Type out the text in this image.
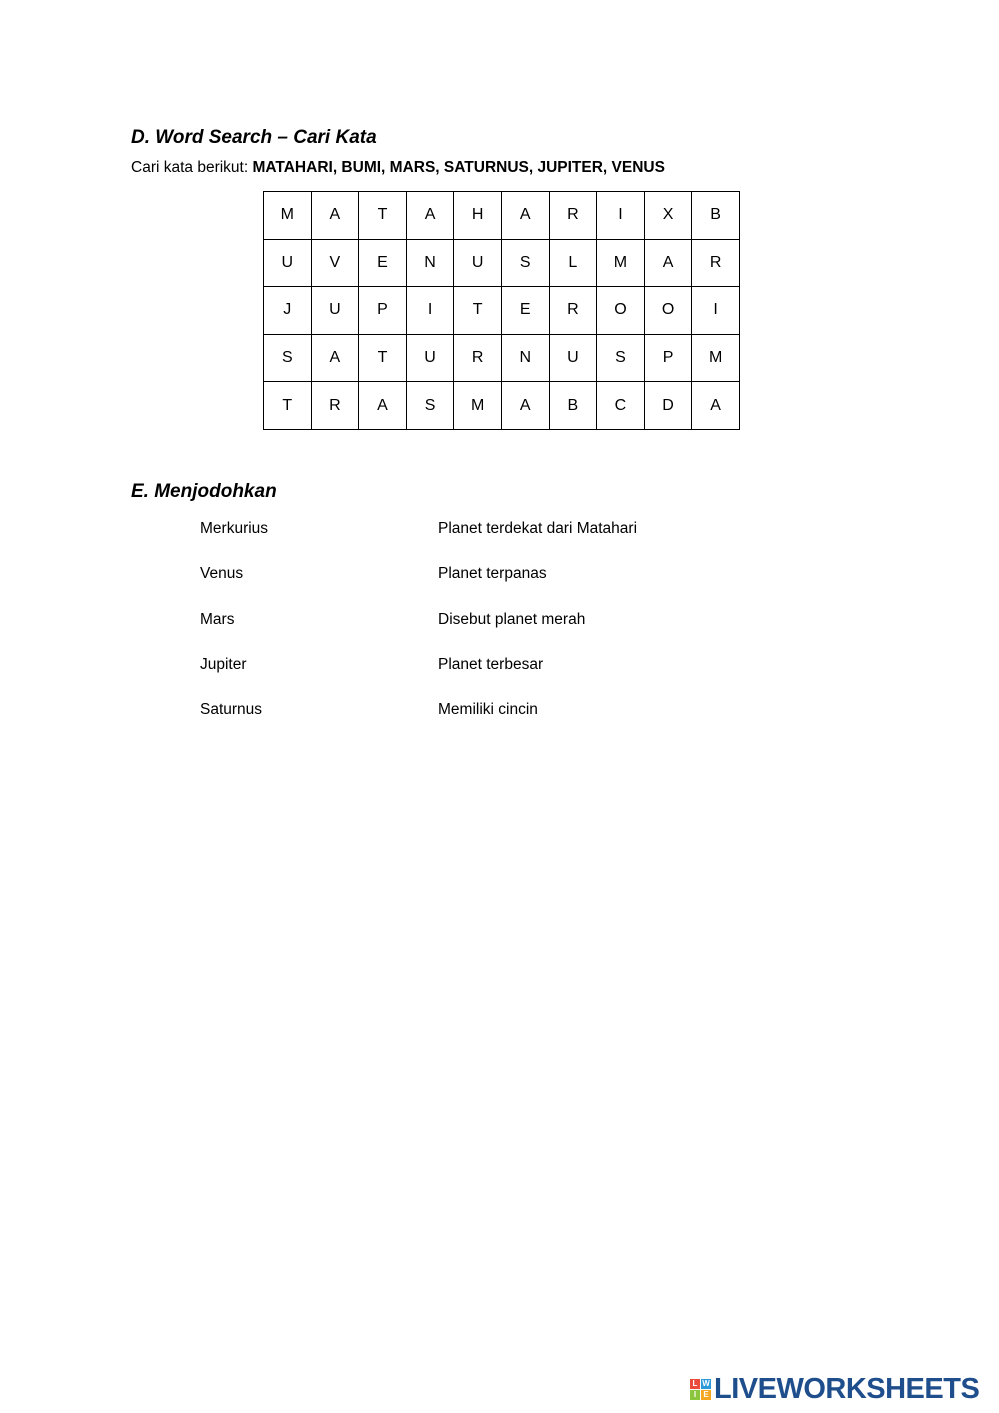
D. Word Search – Cari Kata
Cari kata berikut: MATAHARI, BUMI, MARS, SATURNUS, JUPITER, VENUS
M	A	T	A	H	A	R	I	X	B
U	V	E	N	U	S	L	M	A	R
J	U	P	I	T	E	R	O	O	I
S	A	T	U	R	N	U	S	P	M
T	R	A	S	M	A	B	C	D	A
E. Menjodohkan
Merkurius	Planet terdekat dari Matahari
Venus	Planet terpanas
Mars	Disebut planet merah
Jupiter	Planet terbesar
Saturnus	Memiliki cincin
L W
I E LIVEWORKSHEETS
